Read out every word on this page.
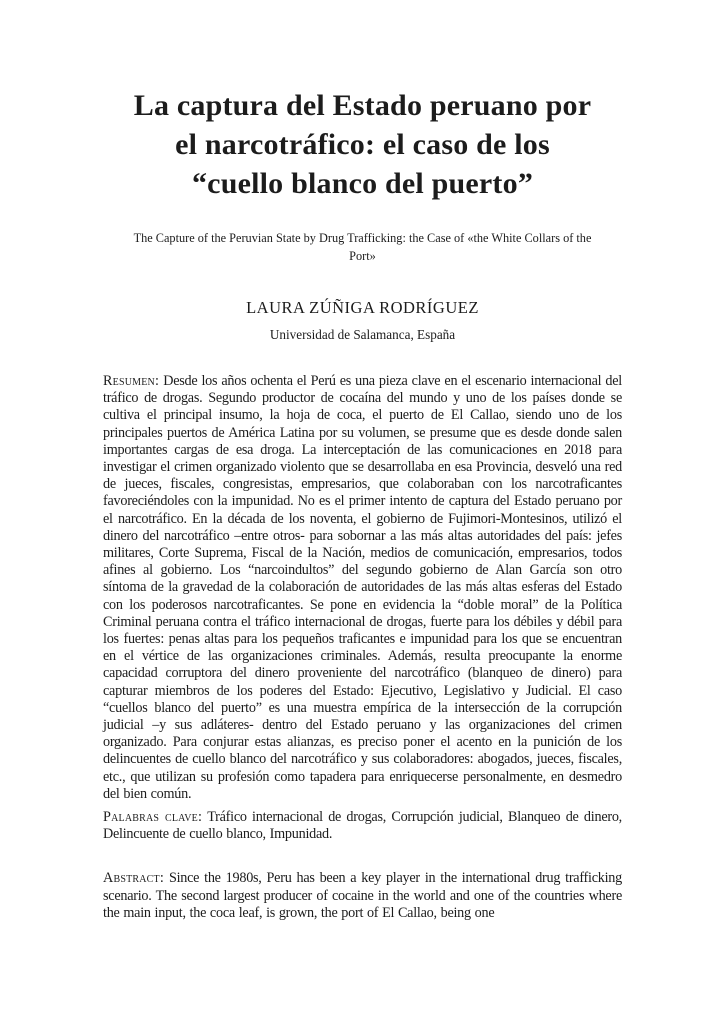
La captura del Estado peruano por
el narcotráfico: el caso de los
“cuello blanco del puerto”
The Capture of the Peruvian State by Drug Trafficking: the Case of «the White Collars of the
Port»
LAURA ZÚÑIGA RODRÍGUEZ
Universidad de Salamanca, España

Resumen: Desde los años ochenta el Perú es una pieza clave en el escenario internacional del tráfico de drogas. Segundo productor de cocaína del mundo y uno de los países donde se cultiva el principal insumo, la hoja de coca, el puerto de El Callao, siendo uno de los principales puertos de América Latina por su volumen, se presume que es desde donde salen importantes cargas de esa droga. La interceptación de las comunicaciones en 2018 para investigar el crimen organizado violento que se desarrollaba en esa Provincia, desveló una red de jueces, fiscales, congresistas, empresarios, que colaboraban con los narcotraficantes favoreciéndoles con la impunidad. No es el primer intento de captura del Estado peruano por el narcotráfico. En la década de los noventa, el gobierno de Fujimori-Montesinos, utilizó el dinero del narcotráfico –entre otros- para sobornar a las más altas autoridades del país: jefes militares, Corte Suprema, Fiscal de la Nación, medios de comunicación, empresarios, todos afines al gobierno. Los “narcoindultos” del segundo gobierno de Alan García son otro síntoma de la gravedad de la colaboración de autoridades de las más altas esferas del Estado con los poderosos narcotraficantes. Se pone en evidencia la “doble moral” de la Política Criminal peruana contra el tráfico internacional de drogas, fuerte para los débiles y débil para los fuertes: penas altas para los pequeños traficantes e impunidad para los que se encuentran en el vértice de las organizaciones criminales. Además, resulta preocupante la enorme capacidad corruptora del dinero proveniente del narcotráfico (blanqueo de dinero) para capturar miembros de los poderes del Estado: Ejecutivo, Legislativo y Judicial. El caso “cuellos blanco del puerto” es una muestra empírica de la intersección de la corrupción judicial –y sus adláteres- dentro del Estado peruano y las organizaciones del crimen organizado. Para conjurar estas alianzas, es preciso poner el acento en la punición de los delincuentes de cuello blanco del narcotráfico y sus colaboradores: abogados, jueces, fiscales, etc., que utilizan su profesión como tapadera para enriquecerse personalmente, en desmedro del bien común.

Palabras clave: Tráfico internacional de drogas, Corrupción judicial, Blanqueo de dinero, Delincuente de cuello blanco, Impunidad.

Abstract: Since the 1980s, Peru has been a key player in the international drug trafficking scenario. The second largest producer of cocaine in the world and one of the countries where the main input, the coca leaf, is grown, the port of El Callao, being one
